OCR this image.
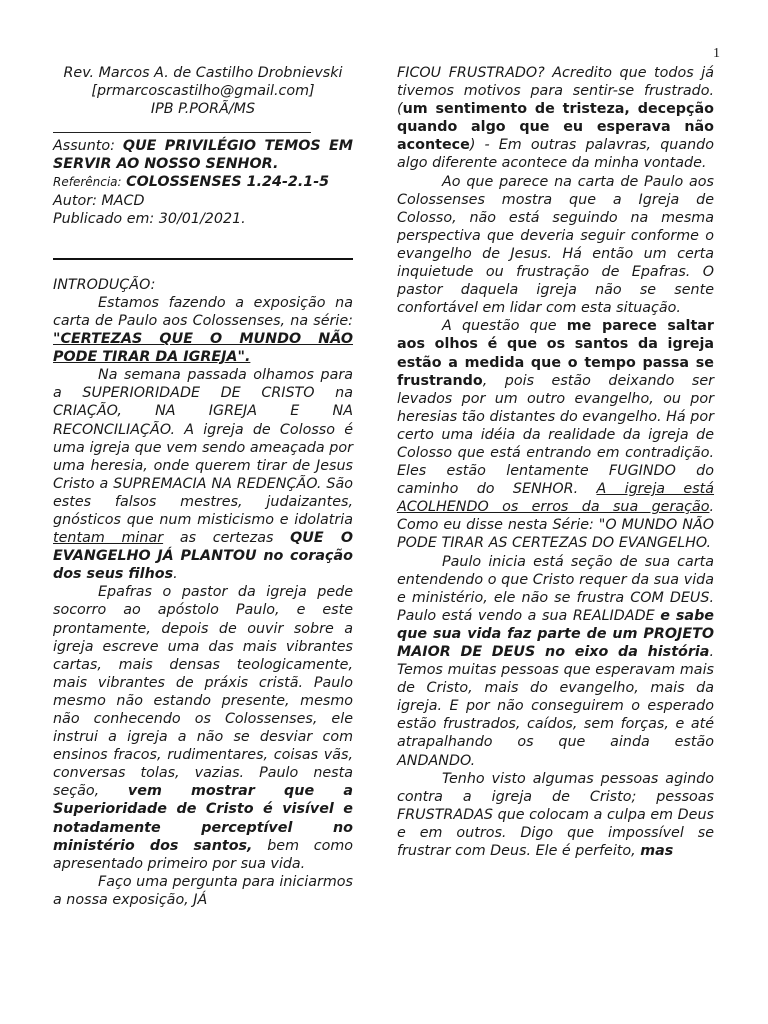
1
Rev. Marcos A. de Castilho Drobnievski
[prmarcoscastilho@gmail.com]
IPB P.PORÃ/MS

Assunto: QUE PRIVILÉGIO TEMOS EM SERVIR AO NOSSO SENHOR.

Referência: COLOSSENSES 1.24-2.1-5

Autor: MACD

Publicado em: 30/01/2021.

INTRODUÇÃO:

Estamos fazendo a exposição na carta de Paulo aos Colossenses, na série: "CERTEZAS QUE O MUNDO NÃO PODE TIRAR DA IGREJA".

Na semana passada olhamos para a SUPERIORIDADE DE CRISTO na CRIAÇÃO, NA IGREJA E NA RECONCILIAÇÃO. A igreja de Colosso é uma igreja que vem sendo ameaçada por uma heresia, onde querem tirar de Jesus Cristo a SUPREMACIA NA REDENÇÃO. São estes falsos mestres, judaizantes, gnósticos que num misticismo e idolatria tentam minar as certezas QUE O EVANGELHO JÁ PLANTOU no coração dos seus filhos.

Epafras o pastor da igreja pede socorro ao apóstolo Paulo, e este prontamente, depois de ouvir sobre a igreja escreve uma das mais vibrantes cartas, mais densas teologicamente, mais vibrantes de práxis cristã. Paulo mesmo não estando presente, mesmo não conhecendo os Colossenses, ele instrui a igreja a não se desviar com ensinos fracos, rudimentares, coisas vãs, conversas tolas, vazias. Paulo nesta seção, vem mostrar que a Superioridade de Cristo é visível e notadamente perceptível no ministério dos santos, bem como apresentado primeiro por sua vida.

Faço uma pergunta para iniciarmos a nossa exposição, JÁ

FICOU FRUSTRADO? Acredito que todos já tivemos motivos para sentir-se frustrado. (um sentimento de tristeza, decepção quando algo que eu esperava não acontece) - Em outras palavras, quando algo diferente acontece da minha vontade.

Ao que parece na carta de Paulo aos Colossenses mostra que a Igreja de Colosso, não está seguindo na mesma perspectiva que deveria seguir conforme o evangelho de Jesus. Há então um certa inquietude ou frustração de Epafras. O pastor daquela igreja não se sente confortável em lidar com esta situação.

A questão que me parece saltar aos olhos é que os santos da igreja estão a medida que o tempo passa se frustrando, pois estão deixando ser levados por um outro evangelho, ou por heresias tão distantes do evangelho. Há por certo uma idéia da realidade da igreja de Colosso que está entrando em contradição. Eles estão lentamente FUGINDO do caminho do SENHOR. A igreja está ACOLHENDO os erros da sua geração. Como eu disse nesta Série: "O MUNDO NÃO PODE TIRAR AS CERTEZAS DO EVANGELHO.

Paulo inicia está seção de sua carta entendendo o que Cristo requer da sua vida e ministério, ele não se frustra COM DEUS. Paulo está vendo a sua REALIDADE e sabe que sua vida faz parte de um PROJETO MAIOR DE DEUS no eixo da história. Temos muitas pessoas que esperavam mais de Cristo, mais do evangelho, mais da igreja. E por não conseguirem o esperado estão frustrados, caídos, sem forças, e até atrapalhando os que ainda estão ANDANDO.

Tenho visto algumas pessoas agindo contra a igreja de Cristo; pessoas FRUSTRADAS que colocam a culpa em Deus e em outros. Digo que impossível se frustrar com Deus. Ele é perfeito, mas
